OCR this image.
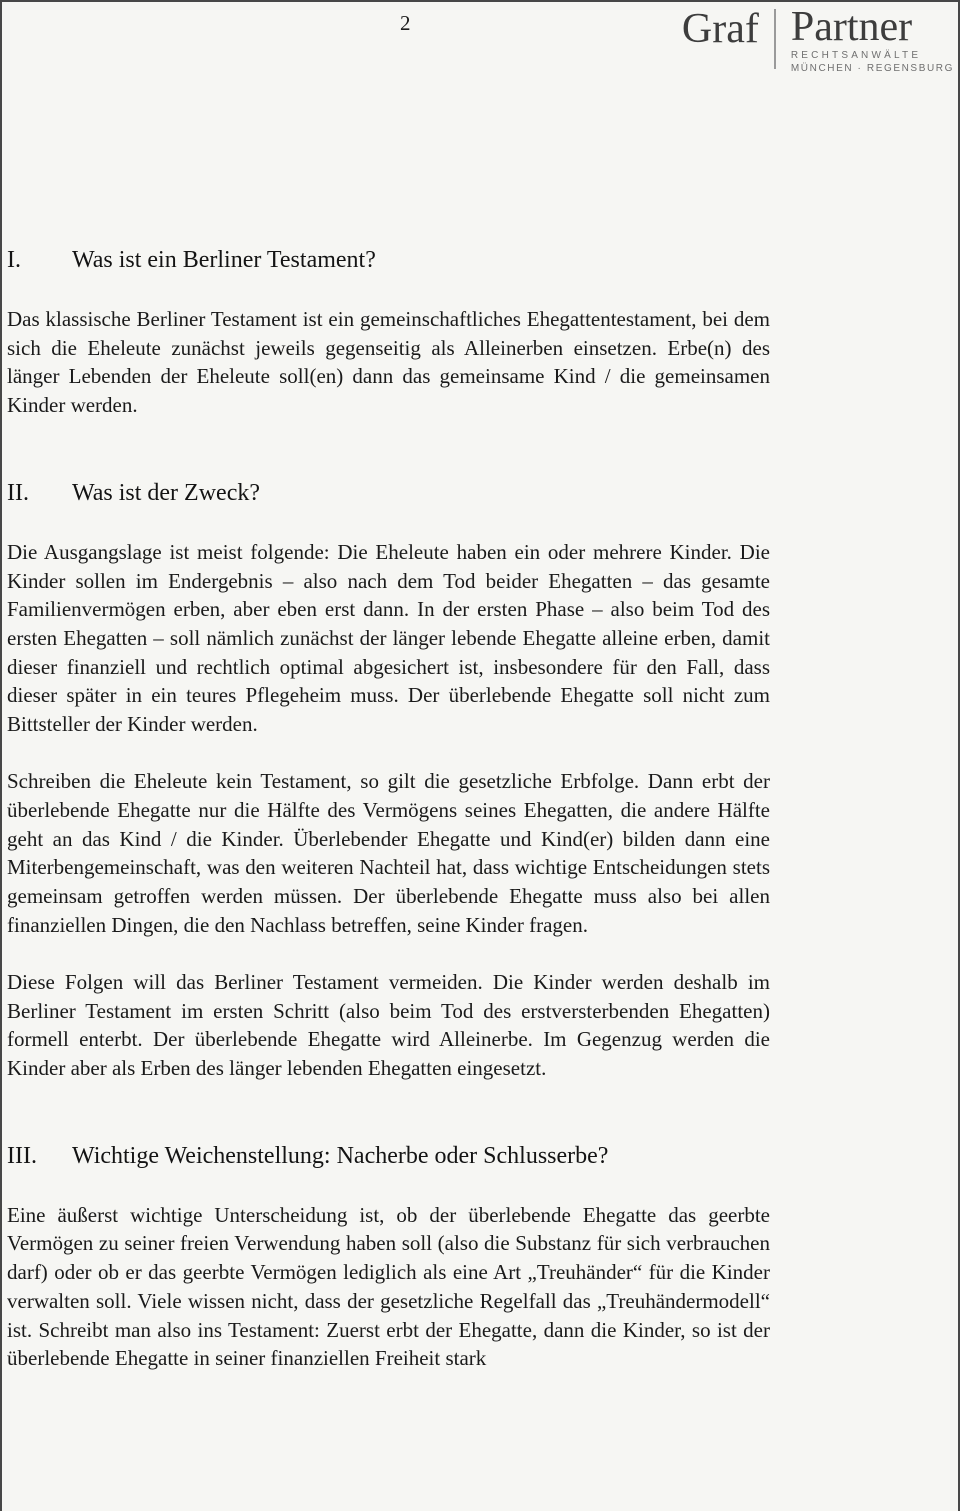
2	Graf Partner
RECHTSANWÄLTE
MÜNCHEN · REGENSBURG
I.	Was ist ein Berliner Testament?

Das klassische Berliner Testament ist ein gemeinschaftliches Ehegattentestament, bei dem sich die Eheleute zunächst jeweils gegenseitig als Alleinerben einsetzen. Erbe(n) des länger Lebenden der Eheleute soll(en) dann das gemeinsame Kind / die gemeinsamen Kinder werden.

II.	Was ist der Zweck?

Die Ausgangslage ist meist folgende: Die Eheleute haben ein oder mehrere Kinder. Die Kinder sollen im Endergebnis – also nach dem Tod beider Ehegatten – das gesamte Familienvermögen erben, aber eben erst dann. In der ersten Phase – also beim Tod des ersten Ehegatten – soll nämlich zunächst der länger lebende Ehegatte alleine erben, damit dieser finanziell und rechtlich optimal abgesichert ist, insbesondere für den Fall, dass dieser später in ein teures Pflegeheim muss. Der überlebende Ehegatte soll nicht zum Bittsteller der Kinder werden.

Schreiben die Eheleute kein Testament, so gilt die gesetzliche Erbfolge. Dann erbt der überlebende Ehegatte nur die Hälfte des Vermögens seines Ehegatten, die andere Hälfte geht an das Kind / die Kinder. Überlebender Ehegatte und Kind(er) bilden dann eine Miterbengemeinschaft, was den weiteren Nachteil hat, dass wichtige Entscheidungen stets gemeinsam getroffen werden müssen. Der überlebende Ehegatte muss also bei allen finanziellen Dingen, die den Nachlass betreffen, seine Kinder fragen.

Diese Folgen will das Berliner Testament vermeiden. Die Kinder werden deshalb im Berliner Testament im ersten Schritt (also beim Tod des erstversterbenden Ehegatten) formell enterbt. Der überlebende Ehegatte wird Alleinerbe. Im Gegenzug werden die Kinder aber als Erben des länger lebenden Ehegatten eingesetzt.

III.	Wichtige Weichenstellung: Nacherbe oder Schlusserbe?

Eine äußerst wichtige Unterscheidung ist, ob der überlebende Ehegatte das geerbte Vermögen zu seiner freien Verwendung haben soll (also die Substanz für sich verbrauchen darf) oder ob er das geerbte Vermögen lediglich als eine Art „Treuhänder“ für die Kinder verwalten soll. Viele wissen nicht, dass der gesetzliche Regelfall das „Treuhändermodell“ ist. Schreibt man also ins Testament: Zuerst erbt der Ehegatte, dann die Kinder, so ist der überlebende Ehegatte in seiner finanziellen Freiheit stark
